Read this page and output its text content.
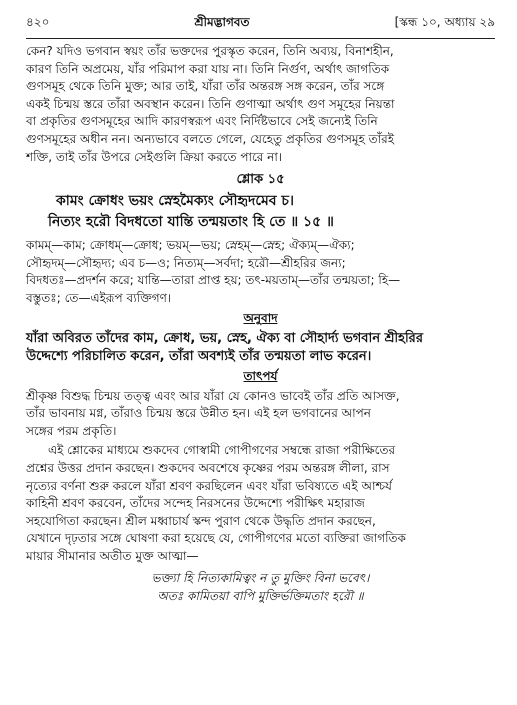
৪২০	শ্রীমদ্ভাগবত	[স্কন্ধ ১০, অধ্যায় ২৯

কেন? যদিও ভগবান স্বয়ং তাঁর ভক্তদের পুরস্কৃত করেন, তিনি অব্যয়, বিনাশহীন,

কারণ তিনি অপ্রমেয়, যাঁর পরিমাপ করা যায় না। তিনি নির্গুণ, অর্থাৎ জাগতিক

গুণসমূহ থেকে তিনি মুক্ত; আর তাই, যাঁরা তাঁর অন্তরঙ্গ সঙ্গ করেন, তাঁর সঙ্গে

একই চিন্ময় স্তরে তাঁরা অবস্থান করেন। তিনি গুণাত্মা অর্থাৎ গুণ সমূহের নিয়ন্তা

বা প্রকৃতির গুণসমূহের আদি কারণস্বরূপ এবং নির্দিষ্টভাবে সেই জন্যেই তিনি

গুণসমূহের অধীন নন। অন্যভাবে বলতে গেলে, যেহেতু প্রকৃতির গুণসমূহ তাঁরই

শক্তি, তাই তাঁর উপরে সেইগুলি ক্রিয়া করতে পারে না।

শ্লোক ১৫
কামং ক্রোধং ভয়ং স্নেহমৈক্যং সৌহৃদমেব চ।
নিত্যং হরৌ বিদধতো যান্তি তন্ময়তাং হি তে ॥ ১৫ ॥

কামম্—কাম; ক্রোধম্—ক্রোধ; ভয়ম্—ভয়; স্নেহম্—স্নেহ; ঐক্যম্—ঐক্য;

সৌহৃদম্—সৌহৃদ্য; এব চ—ও; নিত্যম্—সর্বদা; হরৌ—শ্রীহরির জন্য;

বিদধতঃ—প্রদর্শন করে; যান্তি—তারা প্রাপ্ত হয়; তৎ-ময়তাম্—তাঁর তন্ময়তা; হি—

বস্তুতঃ; তে—এইরূপ ব্যক্তিগণ।

অনুবাদ
যাঁরা অবিরত তাঁদের কাম, ক্রোধ, ভয়, স্নেহ, ঐক্য বা সৌহার্দ্য ভগবান শ্রীহরির
উদ্দেশ্যে পরিচালিত করেন, তাঁরা অবশ্যই তাঁর তন্ময়তা লাভ করেন।
তাৎপর্য

শ্রীকৃষ্ণ বিশুদ্ধ চিন্ময় তত্ত্ব এবং আর যাঁরা যে কোনও ভাবেই তাঁর প্রতি আসক্ত,

তাঁর ভাবনায় মগ্ন, তাঁরাও চিন্ময় স্তরে উন্নীত হন। এই হল ভগবানের আপন

সঙ্গের পরম প্রকৃতি।

এই শ্লোকের মাধ্যমে শুকদেব গোস্বামী গোপীগণের সম্বন্ধে রাজা পরীক্ষিতের

প্রশ্নের উত্তর প্রদান করছেন। শুকদেব অবশেষে কৃষ্ণের পরম অন্তরঙ্গ লীলা, রাস

নৃত্যের বর্ণনা শুরু করলে যাঁরা শ্রবণ করছিলেন এবং যাঁরা ভবিষ্যতে এই আশ্চর্য

কাহিনী শ্রবণ করবেন, তাঁদের সন্দেহ নিরসনের উদ্দেশ্যে পরীক্ষিৎ মহারাজ

সহযোগিতা করছেন। শ্রীল মধ্বাচার্য স্কন্দ পুরাণ থেকে উদ্ধৃতি প্রদান করছেন,

যেখানে দৃঢ়তার সঙ্গে ঘোষণা করা হয়েছে যে, গোপীগণের মতো ব্যক্তিরা জাগতিক

মায়ার সীমানার অতীত মুক্ত আত্মা—

ভক্ত্যা হি নিত্যকামিত্বং ন তু মুক্তিং বিনা ভবেৎ।
অতঃ কামিতয়া বাপি মুক্তির্ভক্তিমতাং হরৌ ॥
